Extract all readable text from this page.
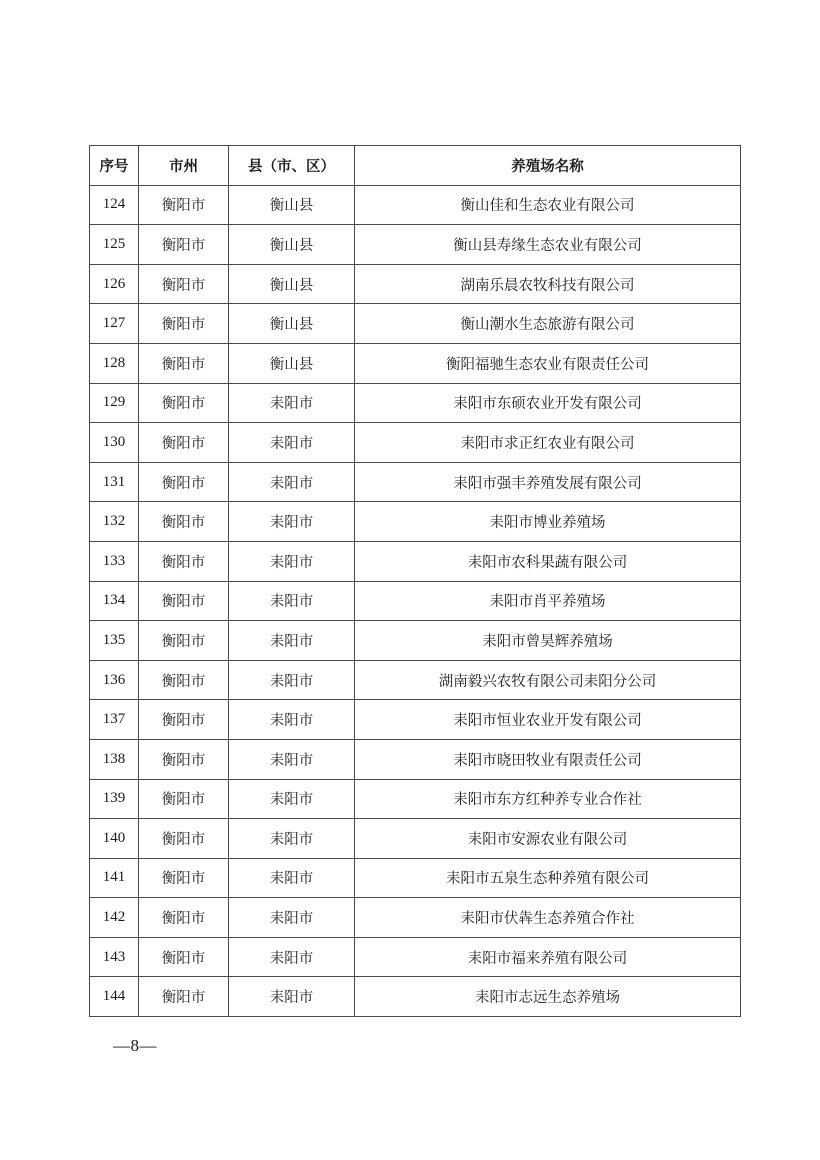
序号	市州	县（市、区）	养殖场名称
124	衡阳市	衡山县	衡山佳和生态农业有限公司
125	衡阳市	衡山县	衡山县寿缘生态农业有限公司
126	衡阳市	衡山县	湖南乐晨农牧科技有限公司
127	衡阳市	衡山县	衡山潮水生态旅游有限公司
128	衡阳市	衡山县	衡阳福驰生态农业有限责任公司
129	衡阳市	耒阳市	耒阳市东硕农业开发有限公司
130	衡阳市	耒阳市	耒阳市求正红农业有限公司
131	衡阳市	耒阳市	耒阳市强丰养殖发展有限公司
132	衡阳市	耒阳市	耒阳市博业养殖场
133	衡阳市	耒阳市	耒阳市农科果蔬有限公司
134	衡阳市	耒阳市	耒阳市肖平养殖场
135	衡阳市	耒阳市	耒阳市曾昊辉养殖场
136	衡阳市	耒阳市	湖南毅兴农牧有限公司耒阳分公司
137	衡阳市	耒阳市	耒阳市恒业农业开发有限公司
138	衡阳市	耒阳市	耒阳市晓田牧业有限责任公司
139	衡阳市	耒阳市	耒阳市东方红种养专业合作社
140	衡阳市	耒阳市	耒阳市安源农业有限公司
141	衡阳市	耒阳市	耒阳市五泉生态种养殖有限公司
142	衡阳市	耒阳市	耒阳市伏犇生态养殖合作社
143	衡阳市	耒阳市	耒阳市福来养殖有限公司
144	衡阳市	耒阳市	耒阳市志远生态养殖场
—8—
